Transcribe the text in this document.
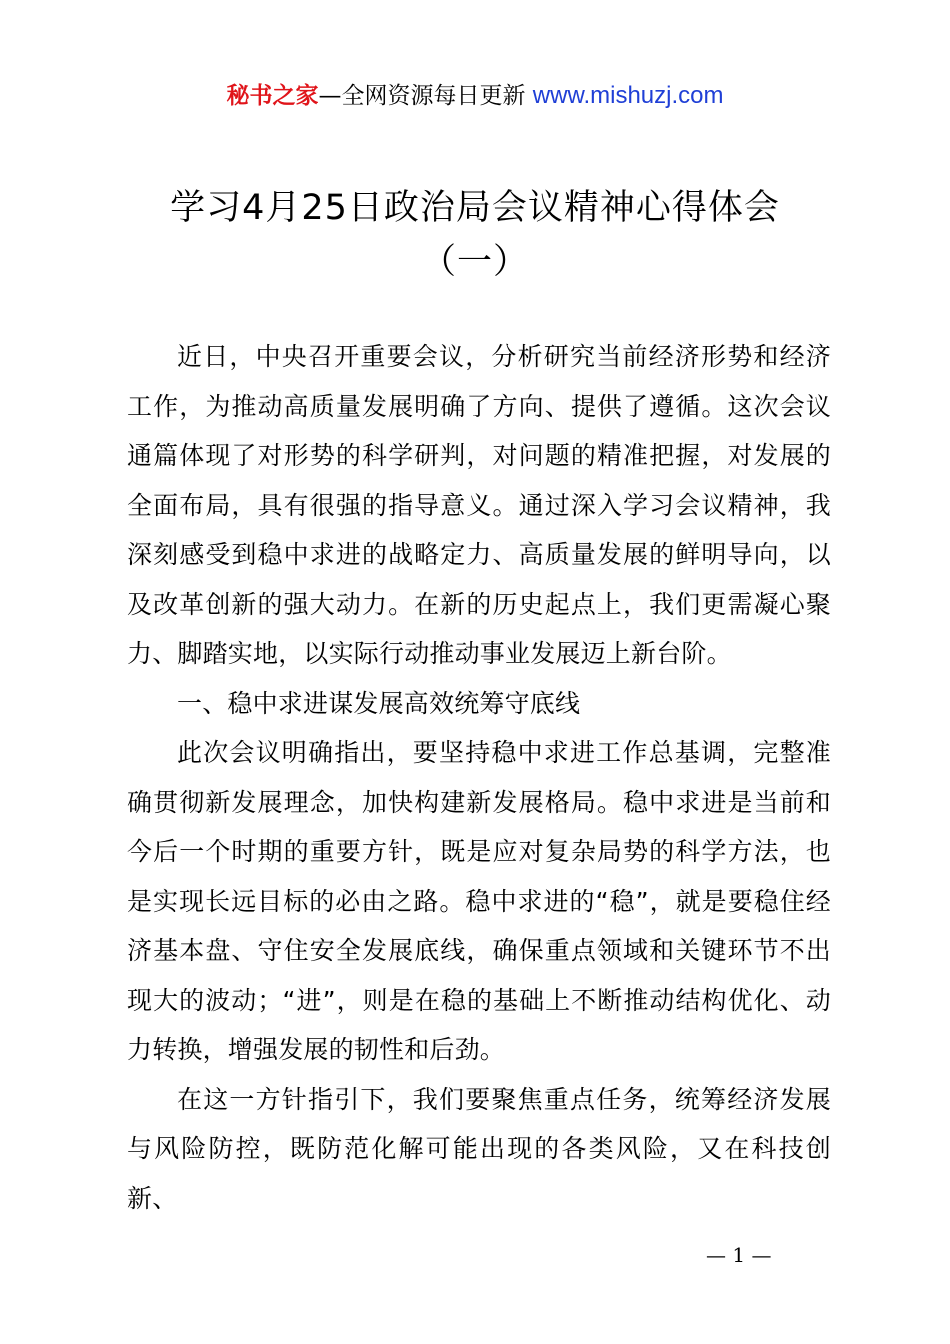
秘书之家—全网资源每日更新 www.mishuzj.com
学习4月25日政治局会议精神心得体会
（一）

近日，中央召开重要会议，分析研究当前经济形势和经济工作，为推动高质量发展明确了方向、提供了遵循。这次会议通篇体现了对形势的科学研判，对问题的精准把握，对发展的全面布局，具有很强的指导意义。通过深入学习会议精神，我深刻感受到稳中求进的战略定力、高质量发展的鲜明导向，以及改革创新的强大动力。在新的历史起点上，我们更需凝心聚力、脚踏实地，以实际行动推动事业发展迈上新台阶。

一、稳中求进谋发展高效统筹守底线

此次会议明确指出，要坚持稳中求进工作总基调，完整准确贯彻新发展理念，加快构建新发展格局。稳中求进是当前和今后一个时期的重要方针，既是应对复杂局势的科学方法，也是实现长远目标的必由之路。稳中求进的“稳”，就是要稳住经济基本盘、守住安全发展底线，确保重点领域和关键环节不出现大的波动；“进”，则是在稳的基础上不断推动结构优化、动力转换，增强发展的韧性和后劲。

在这一方针指引下，我们要聚焦重点任务，统筹经济发展与风险防控，既防范化解可能出现的各类风险，又在科技创新、

— 1 —
